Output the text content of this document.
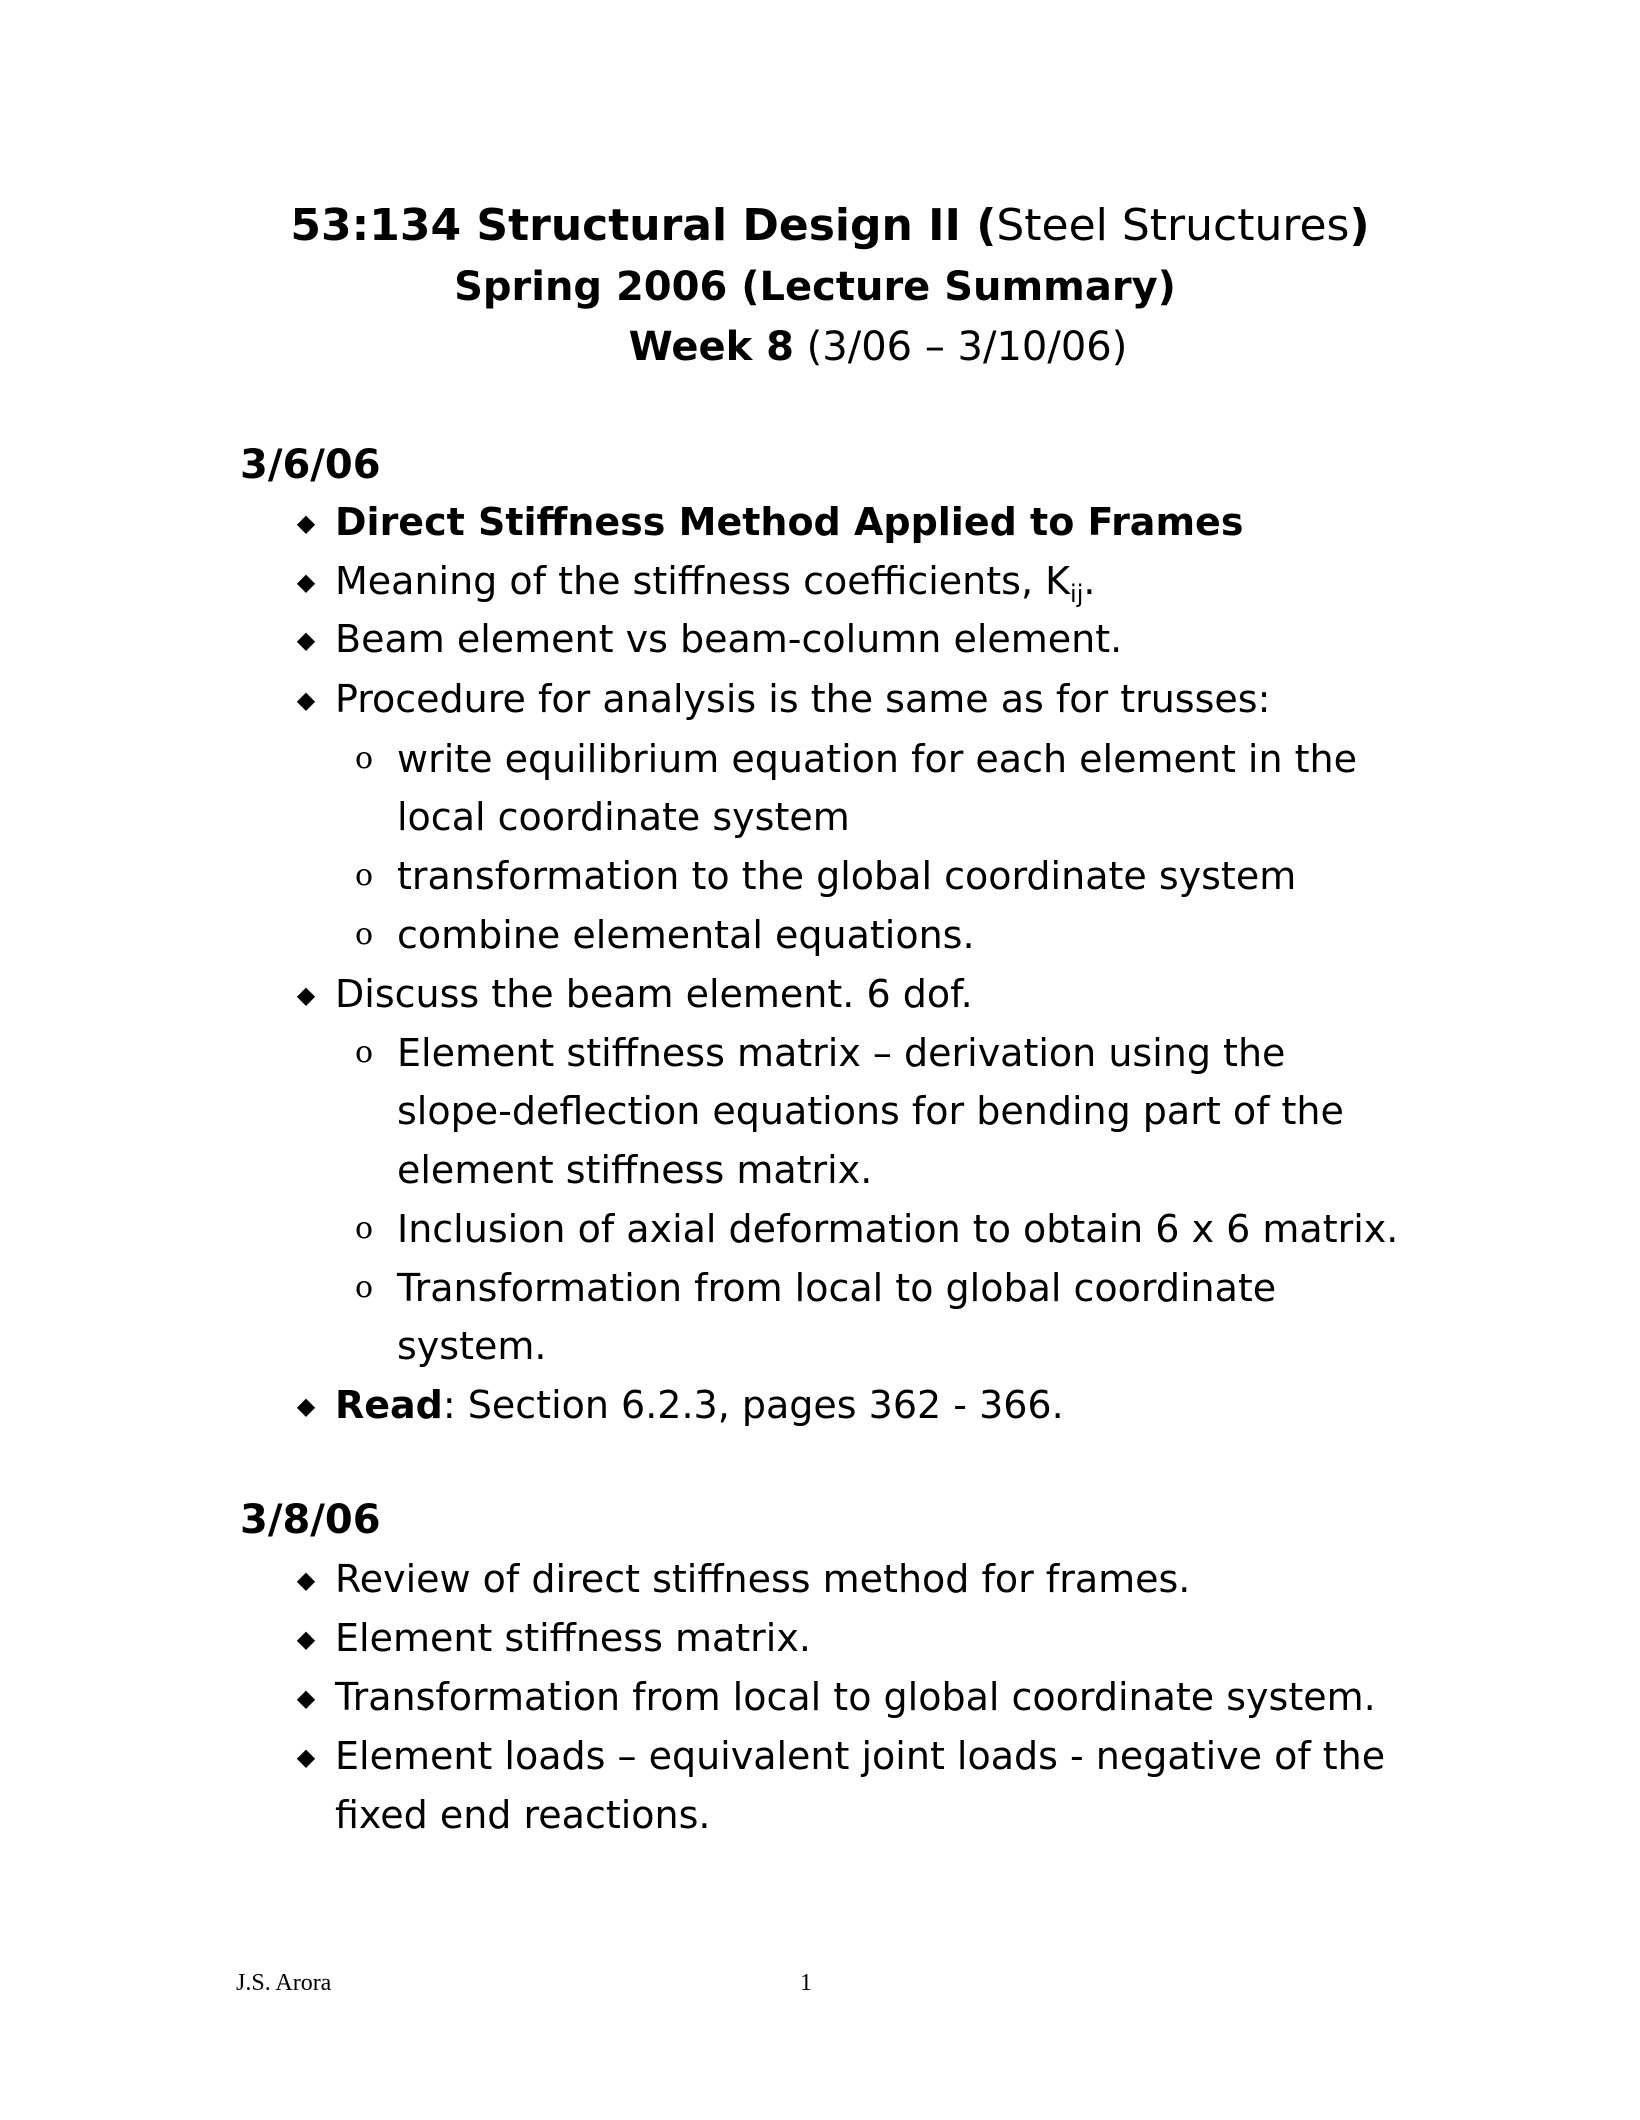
53:134 Structural Design II (Steel Structures)
Spring 2006 (Lecture Summary)
Week 8 (3/06 – 3/10/06)
3/6/06
◆ Direct Stiffness Method Applied to Frames
◆ Meaning of the stiffness coefficients, $K_{ij}$.
◆ Beam element vs beam-column element.
◆ Procedure for analysis is the same as for trusses:
o write equilibrium equation for each element in the
local coordinate system
o transformation to the global coordinate system
o combine elemental equations.
◆ Discuss the beam element. 6 dof.
o Element stiffness matrix – derivation using the
slope-deflection equations for bending part of the
element stiffness matrix.
o Inclusion of axial deformation to obtain 6 x 6 matrix.
o Transformation from local to global coordinate
system.
◆ Read: Section 6.2.3, pages 362 - 366.
3/8/06
◆ Review of direct stiffness method for frames.
◆ Element stiffness matrix.
◆ Transformation from local to global coordinate system.
◆ Element loads – equivalent joint loads - negative of the
fixed end reactions.
J.S. Arora	1
